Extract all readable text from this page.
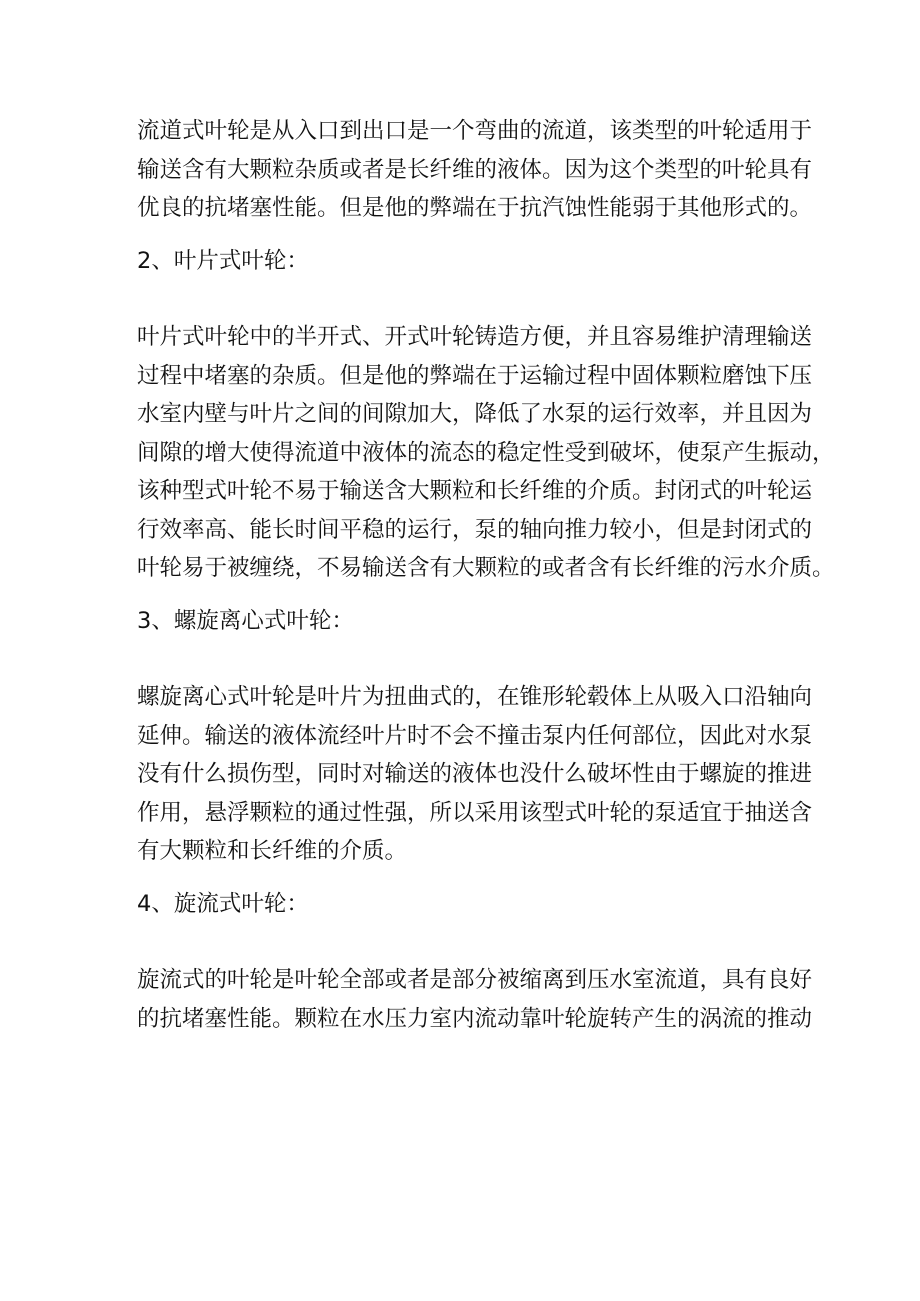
流道式叶轮是从入口到出口是一个弯曲的流道，该类型的叶轮适用于
输送含有大颗粒杂质或者是长纤维的液体。因为这个类型的叶轮具有
优良的抗堵塞性能。但是他的弊端在于抗汽蚀性能弱于其他形式的。

2、叶片式叶轮：

叶片式叶轮中的半开式、开式叶轮铸造方便，并且容易维护清理输送
过程中堵塞的杂质。但是他的弊端在于运输过程中固体颗粒磨蚀下压
水室内壁与叶片之间的间隙加大，降低了水泵的运行效率，并且因为
间隙的增大使得流道中液体的流态的稳定性受到破坏，使泵产生振动，
该种型式叶轮不易于输送含大颗粒和长纤维的介质。封闭式的叶轮运
行效率高、能长时间平稳的运行，泵的轴向推力较小，但是封闭式的
叶轮易于被缠绕，不易输送含有大颗粒的或者含有长纤维的污水介质。

3、螺旋离心式叶轮：

螺旋离心式叶轮是叶片为扭曲式的，在锥形轮毂体上从吸入口沿轴向
延伸。输送的液体流经叶片时不会不撞击泵内任何部位，因此对水泵
没有什么损伤型，同时对输送的液体也没什么破坏性由于螺旋的推进
作用，悬浮颗粒的通过性强，所以采用该型式叶轮的泵适宜于抽送含
有大颗粒和长纤维的介质。

4、旋流式叶轮：

旋流式的叶轮是叶轮全部或者是部分被缩离到压水室流道，具有良好
的抗堵塞性能。颗粒在水压力室内流动靠叶轮旋转产生的涡流的推动
